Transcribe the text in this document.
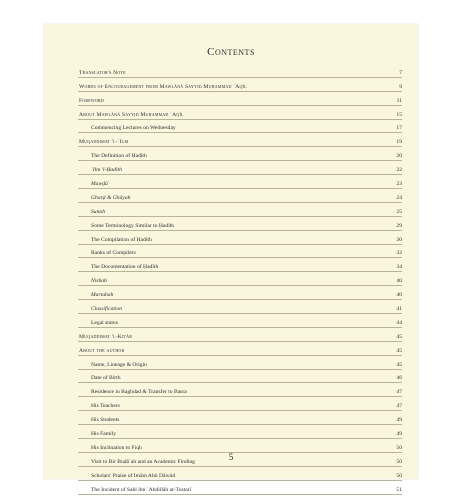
Contents
Translator's Note	7
Words of Encouragement from Mawlānā Sayyid Muḥammad ʿAqīl	9
Foreword	11
About Mawlānā Sayyid Muḥammad ʿAqīl	15
Commencing Lectures on Wednesday	17
Muqaddimat 'l-ʿIlm	19
The Definition of Ḥadīth	20
ʿIlm 'l-Ḥadīth	22
Mawḍūʿ	23
Gharḍ & Ghāyah	24
Sunah	25
Some Terminology Similar to Ḥadīth	29
The Compilation of Ḥadīth	30
Ranks of Compilers	32
The Documentation of Ḥadīth	34
Nisbah	40
Martabah	40
Classification	41
Legal status	44
Muqaddimat 'l-Kitāb	45
About the author	45
Name, Lineage & Origin	45
Date of Birth	46
Residence in Baghdad & Transfer to Basra	47
His Teachers	47
His Students	49
His Family	49
His Inclination to Fiqh	50
Visit to Bir Buḍāʿah and an Academic Finding	50
Scholars' Praise of Imām Abū Dāwūd	50
The Incident of Sahl ibn ʿAbdillāh at-Tustarī	51
5
